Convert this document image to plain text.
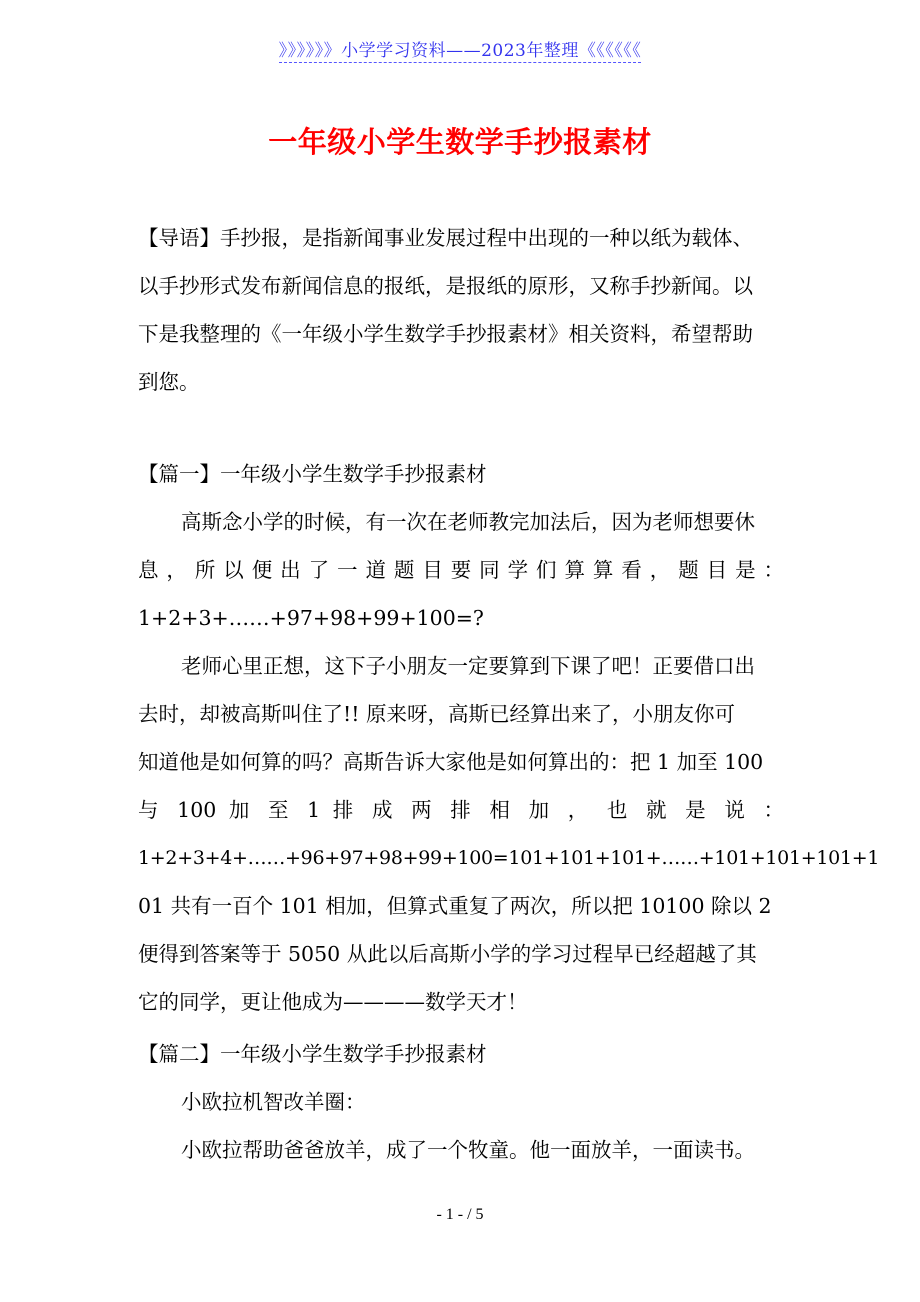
》》》》》》小学学习资料——2023年整理《《《《《《
一年级小学生数学手抄报素材
【导语】手抄报，是指新闻事业发展过程中出现的一种以纸为载体、
以手抄形式发布新闻信息的报纸，是报纸的原形，又称手抄新闻。以
下是我整理的《一年级小学生数学手抄报素材》相关资料，希望帮助
到您。
【篇一】一年级小学生数学手抄报素材
高斯念小学的时候，有一次在老师教完加法后，因为老师想要休
息 ， 所 以 便 出 了 一 道 题 目 要 同 学 们 算 算 看 ， 题 目 是 ：
1+2+3+……+97+98+99+100=?
老师心里正想，这下子小朋友一定要算到下课了吧！正要借口出
去时，却被高斯叫住了!! 原来呀，高斯已经算出来了，小朋友你可
知道他是如何算的吗？高斯告诉大家他是如何算出的：把 1 加至 100
与 100 加 至 1 排 成 两 排 相 加 ， 也 就 是 说 ：
1+2+3+4+……+96+97+98+99+100=101+101+101+……+101+101+101+1
01 共有一百个 101 相加，但算式重复了两次，所以把 10100 除以 2
便得到答案等于 5050 从此以后高斯小学的学习过程早已经超越了其
它的同学，更让他成为————数学天才！
【篇二】一年级小学生数学手抄报素材
小欧拉机智改羊圈：
小欧拉帮助爸爸放羊，成了一个牧童。他一面放羊，一面读书。
- 1 - / 5
